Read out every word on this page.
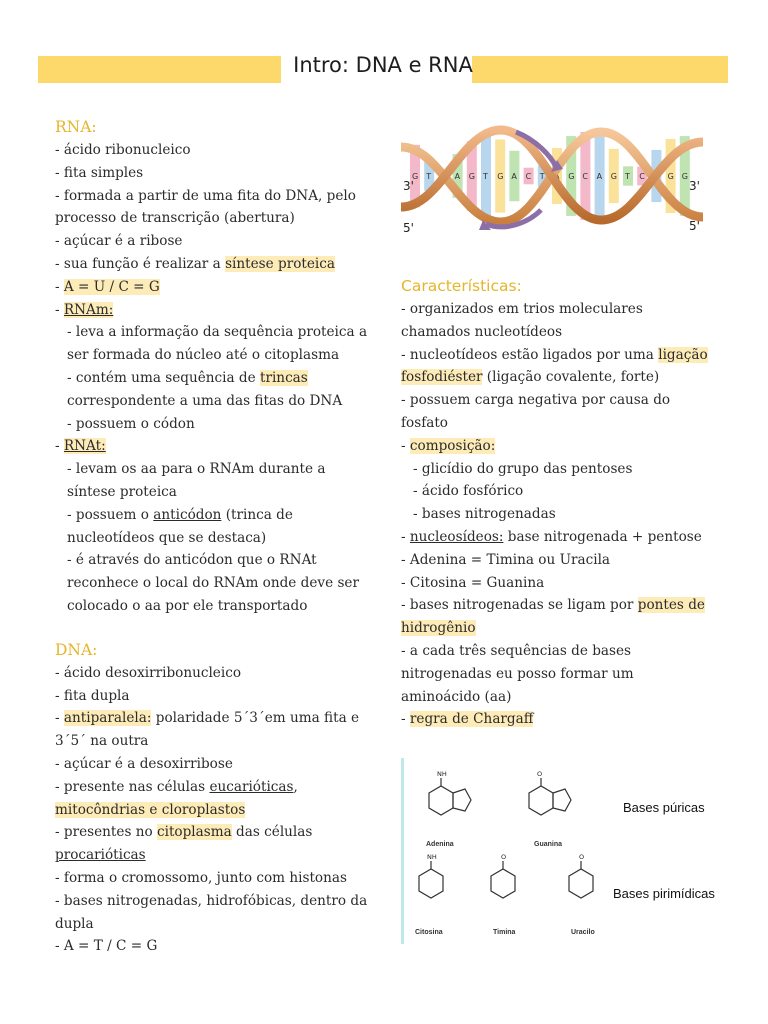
Intro: DNA e RNA
RNA:
- ácido ribonucleico
- fita simples
- formada a partir de uma fita do DNA, pelo processo de transcrição (abertura)
- açúcar é a ribose
- sua função é realizar a síntese proteica
- A = U / C = G
- RNAm:
- leva a informação da sequência proteica a ser formada do núcleo até o citoplasma
- contém uma sequência de trincas correspondente a uma das fitas do DNA
- possuem o códon
- RNAt:
- levam os aa para o RNAm durante a síntese proteica
- possuem o anticódon (trinca de nucleotídeos que se destaca)
- é através do anticódon que o RNAt reconhece o local do RNAm onde deve ser colocado o aa por ele transportado
DNA:
- ácido desoxirribonucleico
- fita dupla
- antiparalela: polaridade 5´3´em uma fita e 3´5´ na outra
- açúcar é a desoxirribose
- presente nas células eucarióticas, mitocôndrias e cloroplastos
- presentes no citoplasma das células procarióticas
- forma o cromossomo, junto com histonas
- bases nitrogenadas, hidrofóbicas, dentro da dupla
- A = T / C = G
G T C A G T G A C T A G C A G T C A G G
3'
5'
3'
5'
Características:
- organizados em trios moleculares chamados nucleotídeos
- nucleotídeos estão ligados por uma ligação fosfodiéster (ligação covalente, forte)
- possuem carga negativa por causa do fosfato
- composição:
- glicídio do grupo das pentoses
- ácido fosfórico
- bases nitrogenadas
- nucleosídeos: base nitrogenada + pentose
- Adenina = Timina ou Uracila
- Citosina = Guanina
- bases nitrogenadas se ligam por pontes de hidrogênio
- a cada três sequências de bases nitrogenadas eu posso formar um aminoácido (aa)
- regra de Chargaff
NH	O
NH	O	O
Adenina	Guanina
Citosina	Timina	Uracilo
Bases púricas
Bases pirimídicas
